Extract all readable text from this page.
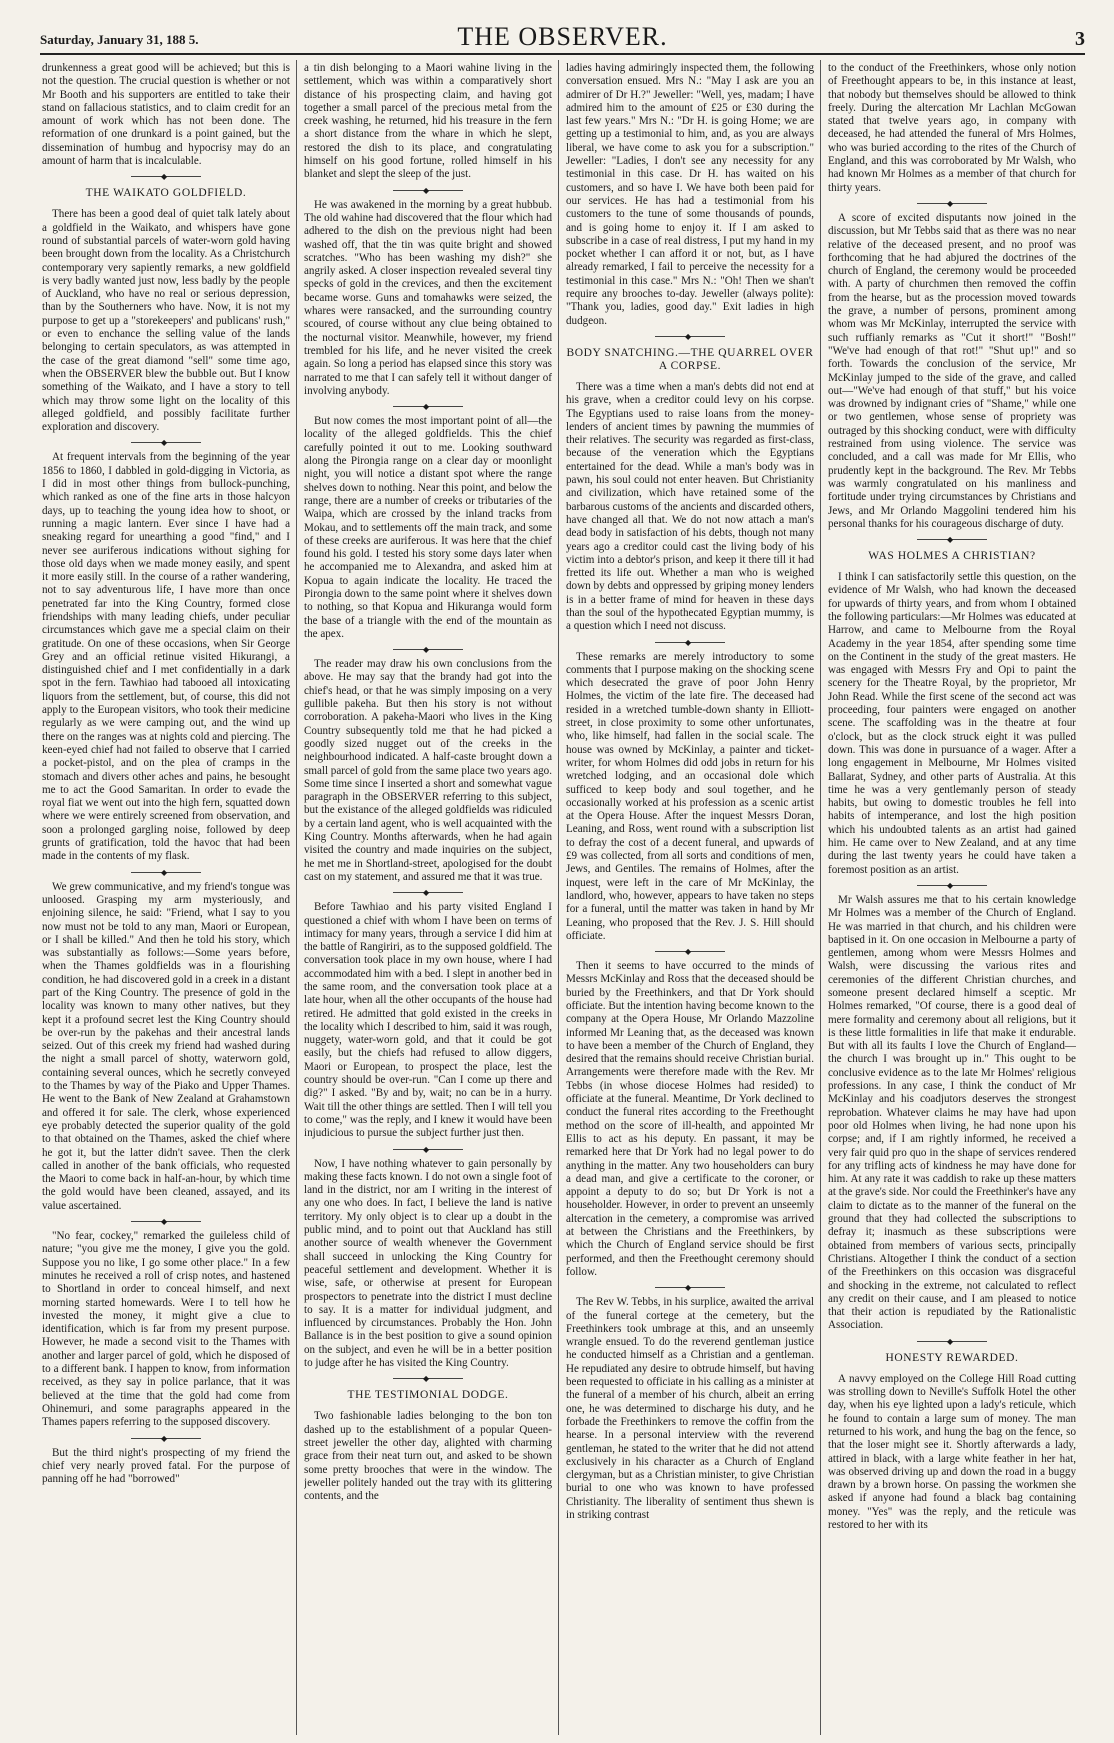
Saturday, January 31, 188 5.	THE OBSERVER.	3

drunkenness a great good will be achieved; but this is not the question. The crucial question is whether or not Mr Booth and his supporters are entitled to take their stand on fallacious statistics, and to claim credit for an amount of work which has not been done. The reformation of one drunkard is a point gained, but the dissemination of humbug and hypocrisy may do an amount of harm that is incalculable.

◆
THE WAIKATO GOLDFIELD.

There has been a good deal of quiet talk lately about a goldfield in the Waikato, and whispers have gone round of substantial parcels of water-worn gold having been brought down from the locality. As a Christchurch contemporary very sapiently remarks, a new goldfield is very badly wanted just now, less badly by the people of Auckland, who have no real or serious depression, than by the Southerners who have. Now, it is not my purpose to get up a "storekeepers' and publicans' rush," or even to enchance the selling value of the lands belonging to certain speculators, as was attempted in the case of the great diamond "sell" some time ago, when the OBSERVER blew the bubble out. But I know something of the Waikato, and I have a story to tell which may throw some light on the locality of this alleged goldfield, and possibly facilitate further exploration and discovery.

◆

At frequent intervals from the beginning of the year 1856 to 1860, I dabbled in gold-digging in Victoria, as I did in most other things from bullock-punching, which ranked as one of the fine arts in those halcyon days, up to teaching the young idea how to shoot, or running a magic lantern. Ever since I have had a sneaking regard for unearthing a good "find," and I never see auriferous indications without sighing for those old days when we made money easily, and spent it more easily still. In the course of a rather wandering, not to say adventurous life, I have more than once penetrated far into the King Country, formed close friendships with many leading chiefs, under peculiar circumstances which gave me a special claim on their gratitude. On one of these occasions, when Sir George Grey and an official retinue visited Hikurangi, a distinguished chief and I met confidentially in a dark spot in the fern. Tawhiao had tabooed all intoxicating liquors from the settlement, but, of course, this did not apply to the European visitors, who took their medicine regularly as we were camping out, and the wind up there on the ranges was at nights cold and piercing. The keen-eyed chief had not failed to observe that I carried a pocket-pistol, and on the plea of cramps in the stomach and divers other aches and pains, he besought me to act the Good Samaritan. In order to evade the royal fiat we went out into the high fern, squatted down where we were entirely screened from observation, and soon a prolonged gargling noise, followed by deep grunts of gratification, told the havoc that had been made in the contents of my flask.

◆

We grew communicative, and my friend's tongue was unloosed. Grasping my arm mysteriously, and enjoining silence, he said: "Friend, what I say to you now must not be told to any man, Maori or European, or I shall be killed." And then he told his story, which was substantially as follows:—Some years before, when the Thames goldfields was in a flourishing condition, he had discovered gold in a creek in a distant part of the King Country. The presence of gold in the locality was known to many other natives, but they kept it a profound secret lest the King Country should be over-run by the pakehas and their ancestral lands seized. Out of this creek my friend had washed during the night a small parcel of shotty, waterworn gold, containing several ounces, which he secretly conveyed to the Thames by way of the Piako and Upper Thames. He went to the Bank of New Zealand at Grahamstown and offered it for sale. The clerk, whose experienced eye probably detected the superior quality of the gold to that obtained on the Thames, asked the chief where he got it, but the latter didn't savee. Then the clerk called in another of the bank officials, who requested the Maori to come back in half-an-hour, by which time the gold would have been cleaned, assayed, and its value ascertained.

◆

"No fear, cockey," remarked the guileless child of nature; "you give me the money, I give you the gold. Suppose you no like, I go some other place." In a few minutes he received a roll of crisp notes, and hastened to Shortland in order to conceal himself, and next morning started homewards. Were I to tell how he invested the money, it might give a clue to identification, which is far from my present purpose. However, he made a second visit to the Thames with another and larger parcel of gold, which he disposed of to a different bank. I happen to know, from information received, as they say in police parlance, that it was believed at the time that the gold had come from Ohinemuri, and some paragraphs appeared in the Thames papers referring to the supposed discovery.

◆

But the third night's prospecting of my friend the chief very nearly proved fatal. For the purpose of panning off he had "borrowed"

a tin dish belonging to a Maori wahine living in the settlement, which was within a comparatively short distance of his prospecting claim, and having got together a small parcel of the precious metal from the creek washing, he returned, hid his treasure in the fern a short distance from the whare in which he slept, restored the dish to its place, and congratulating himself on his good fortune, rolled himself in his blanket and slept the sleep of the just.

◆

He was awakened in the morning by a great hubbub. The old wahine had discovered that the flour which had adhered to the dish on the previous night had been washed off, that the tin was quite bright and showed scratches. "Who has been washing my dish?" she angrily asked. A closer inspection revealed several tiny specks of gold in the crevices, and then the excitement became worse. Guns and tomahawks were seized, the whares were ransacked, and the surrounding country scoured, of course without any clue being obtained to the nocturnal visitor. Meanwhile, however, my friend trembled for his life, and he never visited the creek again. So long a period has elapsed since this story was narrated to me that I can safely tell it without danger of involving anybody.

◆

But now comes the most important point of all—the locality of the alleged goldfields. This the chief carefully pointed it out to me. Looking southward along the Pirongia range on a clear day or moonlight night, you will notice a distant spot where the range shelves down to nothing. Near this point, and below the range, there are a number of creeks or tributaries of the Waipa, which are crossed by the inland tracks from Mokau, and to settlements off the main track, and some of these creeks are auriferous. It was here that the chief found his gold. I tested his story some days later when he accompanied me to Alexandra, and asked him at Kopua to again indicate the locality. He traced the Pirongia down to the same point where it shelves down to nothing, so that Kopua and Hikuranga would form the base of a triangle with the end of the mountain as the apex.

◆

The reader may draw his own conclusions from the above. He may say that the brandy had got into the chief's head, or that he was simply imposing on a very gullible pakeha. But then his story is not without corroboration. A pakeha-Maori who lives in the King Country subsequently told me that he had picked a goodly sized nugget out of the creeks in the neighbourhood indicated. A half-caste brought down a small parcel of gold from the same place two years ago. Some time since I inserted a short and somewhat vague paragraph in the OBSERVER referring to this subject, but the existance of the alleged goldfields was ridiculed by a certain land agent, who is well acquainted with the King Country. Months afterwards, when he had again visited the country and made inquiries on the subject, he met me in Shortland-street, apologised for the doubt cast on my statement, and assured me that it was true.

◆

Before Tawhiao and his party visited England I questioned a chief with whom I have been on terms of intimacy for many years, through a service I did him at the battle of Rangiriri, as to the supposed goldfield. The conversation took place in my own house, where I had accommodated him with a bed. I slept in another bed in the same room, and the conversation took place at a late hour, when all the other occupants of the house had retired. He admitted that gold existed in the creeks in the locality which I described to him, said it was rough, nuggety, water-worn gold, and that it could be got easily, but the chiefs had refused to allow diggers, Maori or European, to prospect the place, lest the country should be over-run. "Can I come up there and dig?" I asked. "By and by, wait; no can be in a hurry. Wait till the other things are settled. Then I will tell you to come," was the reply, and I knew it would have been injudicious to pursue the subject further just then.

◆

Now, I have nothing whatever to gain personally by making these facts known. I do not own a single foot of land in the district, nor am I writing in the interest of any one who does. In fact, I believe the land is native territory. My only object is to clear up a doubt in the public mind, and to point out that Auckland has still another source of wealth whenever the Government shall succeed in unlocking the King Country for peaceful settlement and development. Whether it is wise, safe, or otherwise at present for European prospectors to penetrate into the district I must decline to say. It is a matter for individual judgment, and influenced by circumstances. Probably the Hon. John Ballance is in the best position to give a sound opinion on the subject, and even he will be in a better position to judge after he has visited the King Country.

◆
THE TESTIMONIAL DODGE.

Two fashionable ladies belonging to the bon ton dashed up to the establishment of a popular Queen-street jeweller the other day, alighted with charming grace from their neat turn out, and asked to be shown some pretty brooches that were in the window. The jeweller politely handed out the tray with its glittering contents, and the

ladies having admiringly inspected them, the following conversation ensued. Mrs N.: "May I ask are you an admirer of Dr H.?" Jeweller: "Well, yes, madam; I have admired him to the amount of £25 or £30 during the last few years." Mrs N.: "Dr H. is going Home; we are getting up a testimonial to him, and, as you are always liberal, we have come to ask you for a subscription." Jeweller: "Ladies, I don't see any necessity for any testimonial in this case. Dr H. has waited on his customers, and so have I. We have both been paid for our services. He has had a testimonial from his customers to the tune of some thousands of pounds, and is going home to enjoy it. If I am asked to subscribe in a case of real distress, I put my hand in my pocket whether I can afford it or not, but, as I have already remarked, I fail to perceive the necessity for a testimonial in this case." Mrs N.: "Oh! Then we shan't require any brooches to-day. Jeweller (always polite): "Thank you, ladies, good day." Exit ladies in high dudgeon.

◆
BODY SNATCHING.—THE QUARREL OVER A CORPSE.

There was a time when a man's debts did not end at his grave, when a creditor could levy on his corpse. The Egyptians used to raise loans from the money-lenders of ancient times by pawning the mummies of their relatives. The security was regarded as first-class, because of the veneration which the Egyptians entertained for the dead. While a man's body was in pawn, his soul could not enter heaven. But Christianity and civilization, which have retained some of the barbarous customs of the ancients and discarded others, have changed all that. We do not now attach a man's dead body in satisfaction of his debts, though not many years ago a creditor could cast the living body of his victim into a debtor's prison, and keep it there till it had fretted its life out. Whether a man who is weighed down by debts and oppressed by griping money lenders is in a better frame of mind for heaven in these days than the soul of the hypothecated Egyptian mummy, is a question which I need not discuss.

◆

These remarks are merely introductory to some comments that I purpose making on the shocking scene which desecrated the grave of poor John Henry Holmes, the victim of the late fire. The deceased had resided in a wretched tumble-down shanty in Elliott-street, in close proximity to some other unfortunates, who, like himself, had fallen in the social scale. The house was owned by McKinlay, a painter and ticket-writer, for whom Holmes did odd jobs in return for his wretched lodging, and an occasional dole which sufficed to keep body and soul together, and he occasionally worked at his profession as a scenic artist at the Opera House. After the inquest Messrs Doran, Leaning, and Ross, went round with a subscription list to defray the cost of a decent funeral, and upwards of £9 was collected, from all sorts and conditions of men, Jews, and Gentiles. The remains of Holmes, after the inquest, were left in the care of Mr McKinlay, the landlord, who, however, appears to have taken no steps for a funeral, until the matter was taken in hand by Mr Leaning, who proposed that the Rev. J. S. Hill should officiate.

◆

Then it seems to have occurred to the minds of Messrs McKinlay and Ross that the deceased should be buried by the Freethinkers, and that Dr York should officiate. But the intention having become known to the company at the Opera House, Mr Orlando Mazzoline informed Mr Leaning that, as the deceased was known to have been a member of the Church of England, they desired that the remains should receive Christian burial. Arrangements were therefore made with the Rev. Mr Tebbs (in whose diocese Holmes had resided) to officiate at the funeral. Meantime, Dr York declined to conduct the funeral rites according to the Freethought method on the score of ill-health, and appointed Mr Ellis to act as his deputy. En passant, it may be remarked here that Dr York had no legal power to do anything in the matter. Any two householders can bury a dead man, and give a certificate to the coroner, or appoint a deputy to do so; but Dr York is not a householder. However, in order to prevent an unseemly altercation in the cemetery, a compromise was arrived at between the Christians and the Freethinkers, by which the Church of England service should be first performed, and then the Freethought ceremony should follow.

◆

The Rev W. Tebbs, in his surplice, awaited the arrival of the funeral cortege at the cemetery, but the Freethinkers took umbrage at this, and an unseemly wrangle ensued. To do the reverend gentleman justice he conducted himself as a Christian and a gentleman. He repudiated any desire to obtrude himself, but having been requested to officiate in his calling as a minister at the funeral of a member of his church, albeit an erring one, he was determined to discharge his duty, and he forbade the Freethinkers to remove the coffin from the hearse. In a personal interview with the reverend gentleman, he stated to the writer that he did not attend exclusively in his character as a Church of England clergyman, but as a Christian minister, to give Christian burial to one who was known to have professed Christianity. The liberality of sentiment thus shewn is in striking contrast

to the conduct of the Freethinkers, whose only notion of Freethought appears to be, in this instance at least, that nobody but themselves should be allowed to think freely. During the altercation Mr Lachlan McGowan stated that twelve years ago, in company with deceased, he had attended the funeral of Mrs Holmes, who was buried according to the rites of the Church of England, and this was corroborated by Mr Walsh, who had known Mr Holmes as a member of that church for thirty years.

◆

A score of excited disputants now joined in the discussion, but Mr Tebbs said that as there was no near relative of the deceased present, and no proof was forthcoming that he had abjured the doctrines of the church of England, the ceremony would be proceeded with. A party of churchmen then removed the coffin from the hearse, but as the procession moved towards the grave, a number of persons, prominent among whom was Mr McKinlay, interrupted the service with such ruffianly remarks as "Cut it short!" "Bosh!" "We've had enough of that rot!" "Shut up!" and so forth. Towards the conclusion of the service, Mr McKinlay jumped to the side of the grave, and called out—"We've had enough of that stuff," but his voice was drowned by indignant cries of "Shame," while one or two gentlemen, whose sense of propriety was outraged by this shocking conduct, were with difficulty restrained from using violence. The service was concluded, and a call was made for Mr Ellis, who prudently kept in the background. The Rev. Mr Tebbs was warmly congratulated on his manliness and fortitude under trying circumstances by Christians and Jews, and Mr Orlando Maggolini tendered him his personal thanks for his courageous discharge of duty.

◆
WAS HOLMES A CHRISTIAN?

I think I can satisfactorily settle this question, on the evidence of Mr Walsh, who had known the deceased for upwards of thirty years, and from whom I obtained the following particulars:—Mr Holmes was educated at Harrow, and came to Melbourne from the Royal Academy in the year 1854, after spending some time on the Continent in the study of the great masters. He was engaged with Messrs Fry and Opi to paint the scenery for the Theatre Royal, by the proprietor, Mr John Read. While the first scene of the second act was proceeding, four painters were engaged on another scene. The scaffolding was in the theatre at four o'clock, but as the clock struck eight it was pulled down. This was done in pursuance of a wager. After a long engagement in Melbourne, Mr Holmes visited Ballarat, Sydney, and other parts of Australia. At this time he was a very gentlemanly person of steady habits, but owing to domestic troubles he fell into habits of intemperance, and lost the high position which his undoubted talents as an artist had gained him. He came over to New Zealand, and at any time during the last twenty years he could have taken a foremost position as an artist.

◆

Mr Walsh assures me that to his certain knowledge Mr Holmes was a member of the Church of England. He was married in that church, and his children were baptised in it. On one occasion in Melbourne a party of gentlemen, among whom were Messrs Holmes and Walsh, were discussing the various rites and ceremonies of the different Christian churches, and someone present declared himself a sceptic. Mr Holmes remarked, "Of course, there is a good deal of mere formality and ceremony about all religions, but it is these little formalities in life that make it endurable. But with all its faults I love the Church of England—the church I was brought up in." This ought to be conclusive evidence as to the late Mr Holmes' religious professions. In any case, I think the conduct of Mr McKinlay and his coadjutors deserves the strongest reprobation. Whatever claims he may have had upon poor old Holmes when living, he had none upon his corpse; and, if I am rightly informed, he received a very fair quid pro quo in the shape of services rendered for any trifling acts of kindness he may have done for him. At any rate it was caddish to rake up these matters at the grave's side. Nor could the Freethinker's have any claim to dictate as to the manner of the funeral on the ground that they had collected the subscriptions to defray it; inasmuch as these subscriptions were obtained from members of various sects, principally Christians. Altogether I think the conduct of a section of the Freethinkers on this occasion was disgraceful and shocking in the extreme, not calculated to reflect any credit on their cause, and I am pleased to notice that their action is repudiated by the Rationalistic Association.

◆
HONESTY REWARDED.

A navvy employed on the College Hill Road cutting was strolling down to Neville's Suffolk Hotel the other day, when his eye lighted upon a lady's reticule, which he found to contain a large sum of money. The man returned to his work, and hung the bag on the fence, so that the loser might see it. Shortly afterwards a lady, attired in black, with a large white feather in her hat, was observed driving up and down the road in a buggy drawn by a brown horse. On passing the workmen she asked if anyone had found a black bag containing money. "Yes" was the reply, and the reticule was restored to her with its
